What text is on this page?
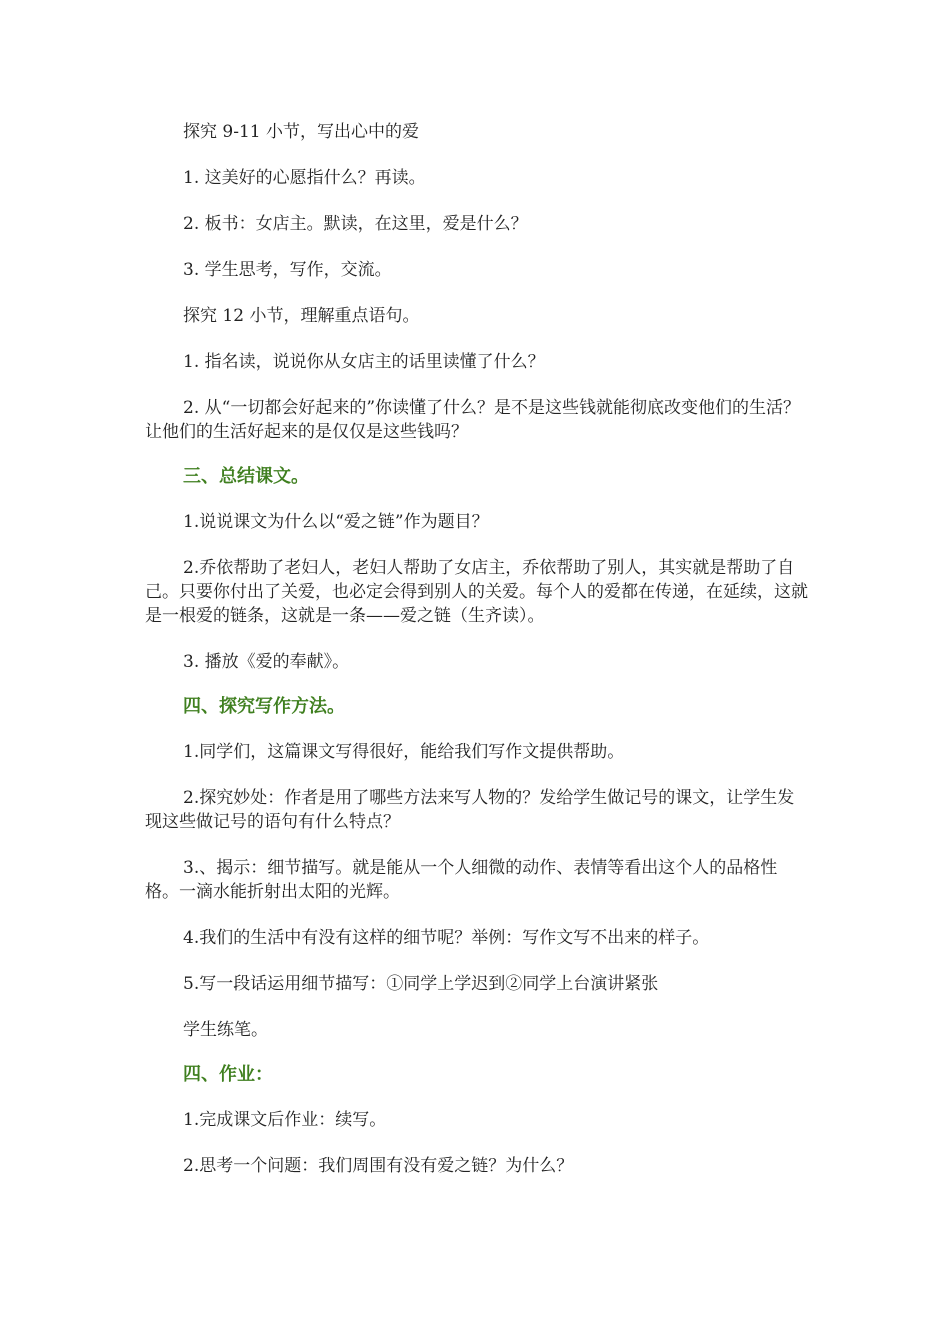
探究 9-11 小节，写出心中的爱

1. 这美好的心愿指什么？再读。

2. 板书：女店主。默读，在这里，爱是什么？

3. 学生思考，写作，交流。

探究 12 小节，理解重点语句。

1. 指名读，说说你从女店主的话里读懂了什么？

2. 从“一切都会好起来的”你读懂了什么？是不是这些钱就能彻底改变他们的生活？让他们的生活好起来的是仅仅是这些钱吗？

三、总结课文。

1.说说课文为什么以“爱之链”作为题目？

2.乔依帮助了老妇人，老妇人帮助了女店主，乔依帮助了别人，其实就是帮助了自己。只要你付出了关爱，也必定会得到别人的关爱。每个人的爱都在传递，在延续，这就是一根爱的链条，这就是一条——爱之链（生齐读）。

3. 播放《爱的奉献》。

四、探究写作方法。

1.同学们，这篇课文写得很好，能给我们写作文提供帮助。

2.探究妙处：作者是用了哪些方法来写人物的？发给学生做记号的课文，让学生发现这些做记号的语句有什么特点？

3.、揭示：细节描写。就是能从一个人细微的动作、表情等看出这个人的品格性格。一滴水能折射出太阳的光辉。

4.我们的生活中有没有这样的细节呢？举例：写作文写不出来的样子。

5.写一段话运用细节描写：①同学上学迟到②同学上台演讲紧张

学生练笔。

四、作业：

1.完成课文后作业：续写。

2.思考一个问题：我们周围有没有爱之链？为什么？
